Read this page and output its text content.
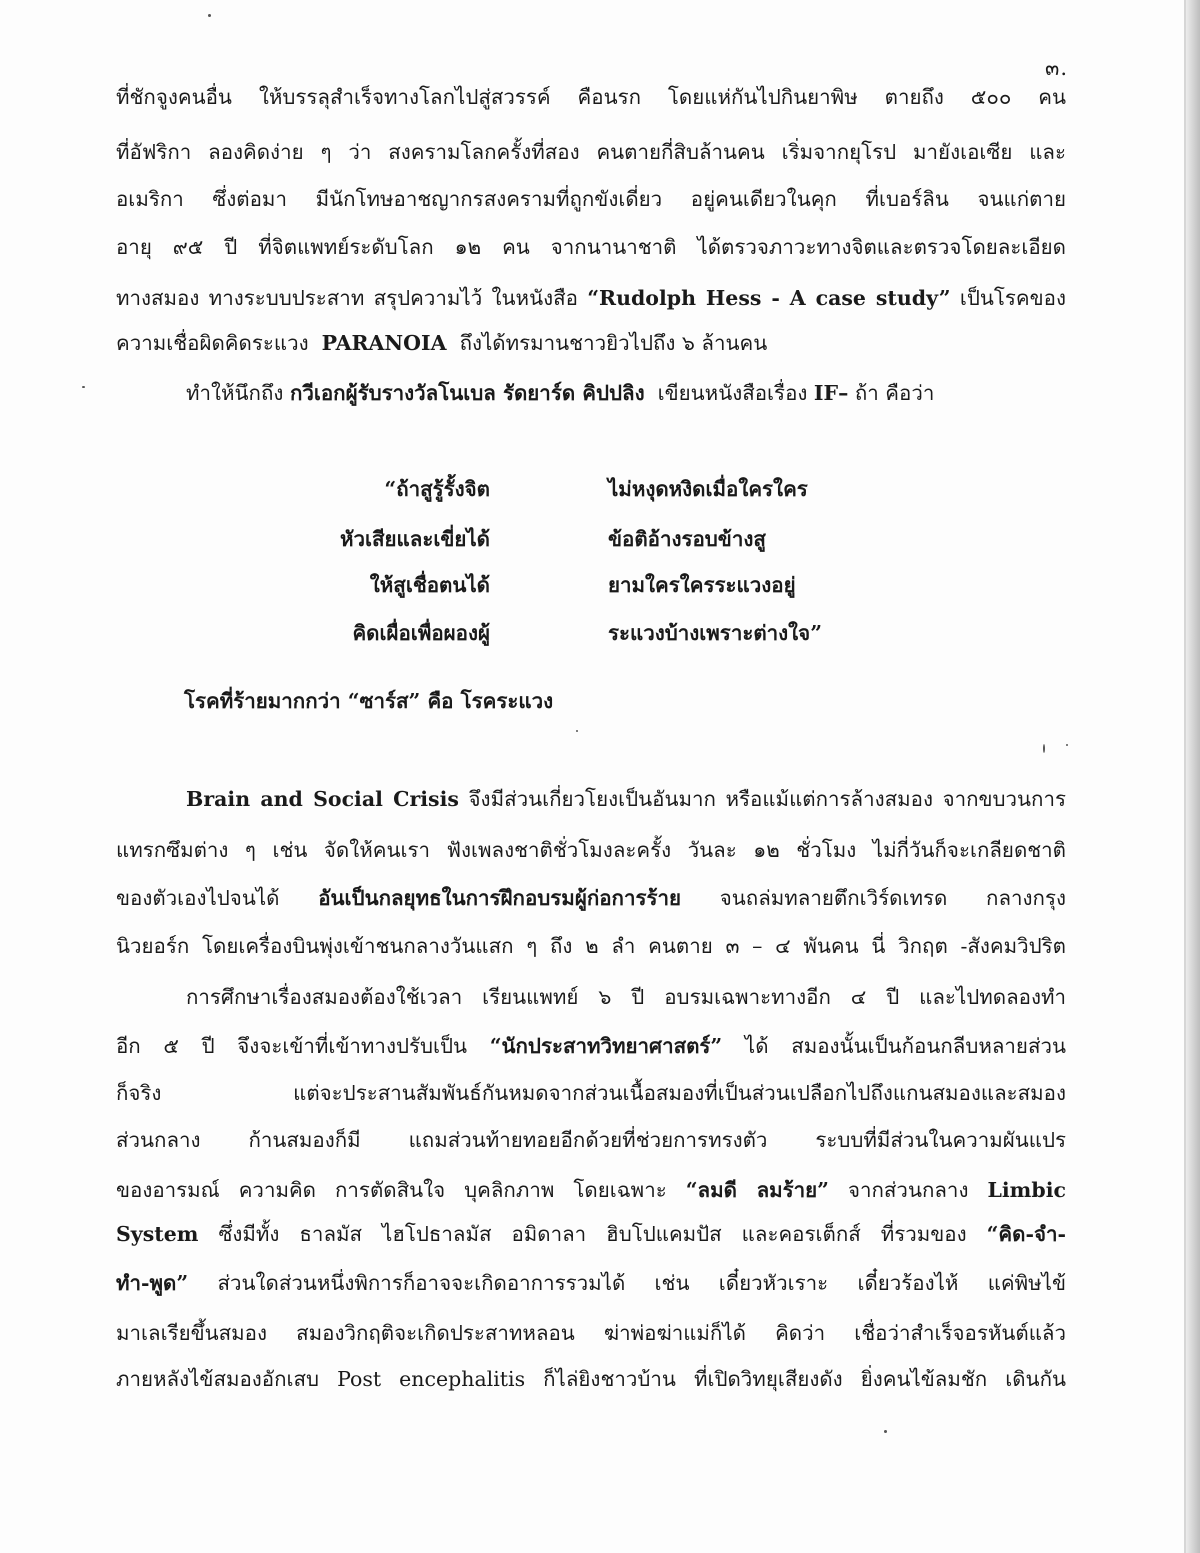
๓.
ที่ชักจูงคนอื่น ให้บรรลุสำเร็จทางโลกไปสู่สวรรค์ คือนรก โดยแห่กันไปกินยาพิษ ตายถึง ๕๐๐ คน
ที่อัฟริกา ลองคิดง่าย ๆ ว่า สงครามโลกครั้งที่สอง คนตายกี่สิบล้านคน เริ่มจากยุโรป มายังเอเซีย และ
อเมริกา ซึ่งต่อมา มีนักโทษอาชญากรสงครามที่ถูกขังเดี่ยว อยู่คนเดียวในคุก ที่เบอร์ลิน จนแก่ตาย
อายุ ๙๕ ปี ที่จิตแพทย์ระดับโลก ๑๒ คน จากนานาชาติ ได้ตรวจภาวะทางจิตและตรวจโดยละเอียด
ทางสมอง ทางระบบประสาท สรุปความไว้ ในหนังสือ “Rudolph Hess - A case study” เป็นโรคของ
ความเชื่อผิดคิดระแวง PARANOIA ถึงได้ทรมานชาวยิวไปถึง ๖ ล้านคน
ทำให้นึกถึง กวีเอกผู้รับรางวัลโนเบล รัดยาร์ด คิปปลิง เขียนหนังสือเรื่อง IF– ถ้า คือว่า
“ถ้าสูรู้รั้งจิต	ไม่หงุดหงิดเมื่อใครใคร
หัวเสียและเขี่ยได้	ข้อติอ้างรอบข้างสู
ให้สูเชื่อตนได้	ยามใครใครระแวงอยู่
คิดเผื่อเพื่อผองผู้	ระแวงบ้างเพราะต่างใจ”
โรคที่ร้ายมากกว่า “ซาร์ส” คือ โรคระแวง
Brain and Social Crisis จึงมีส่วนเกี่ยวโยงเป็นอันมาก หรือแม้แต่การล้างสมอง จากขบวนการ
แทรกซึมต่าง ๆ เช่น จัดให้คนเรา ฟังเพลงชาติชั่วโมงละครั้ง วันละ ๑๒ ชั่วโมง ไม่กี่วันก็จะเกลียดชาติ
ของตัวเองไปจนได้ อันเป็นกลยุทธในการฝึกอบรมผู้ก่อการร้าย จนถล่มทลายตึกเวิร์ดเทรด กลางกรุง
นิวยอร์ก โดยเครื่องบินพุ่งเข้าชนกลางวันแสก ๆ ถึง ๒ ลำ คนตาย ๓ – ๔ พันคน นี่ วิกฤต -สังคมวิปริต
การศึกษาเรื่องสมองต้องใช้เวลา เรียนแพทย์ ๖ ปี อบรมเฉพาะทางอีก ๔ ปี และไปทดลองทำ
อีก ๕ ปี จึงจะเข้าที่เข้าทางปรับเป็น “นักประสาทวิทยาศาสตร์” ได้ สมองนั้นเป็นก้อนกลีบหลายส่วน
ก็จริง แต่จะประสานสัมพันธ์กันหมดจากส่วนเนื้อสมองที่เป็นส่วนเปลือกไปถึงแกนสมองและสมอง
ส่วนกลาง ก้านสมองก็มี แถมส่วนท้ายทอยอีกด้วยที่ช่วยการทรงตัว ระบบที่มีส่วนในความผันแปร
ของอารมณ์ ความคิด การตัดสินใจ บุคลิกภาพ โดยเฉพาะ “ลมดี ลมร้าย” จากส่วนกลาง Limbic
System ซึ่งมีทั้ง ธาลมัส ไฮโปธาลมัส อมิดาลา ฮิบโปแคมปัส และคอรเต็กส์ ที่รวมของ “คิด-จำ-
ทำ-พูด” ส่วนใดส่วนหนึ่งพิการก็อาจจะเกิดอาการรวมได้ เช่น เดี๋ยวหัวเราะ เดี๋ยวร้องไห้ แค่พิษไข้
มาเลเรียขึ้นสมอง สมองวิกฤติจะเกิดประสาทหลอน ฆ่าพ่อฆ่าแม่ก็ได้ คิดว่า เชื่อว่าสำเร็จอรหันต์แล้ว
ภายหลังไข้สมองอักเสบ Post encephalitis ก็ไล่ยิงชาวบ้าน ที่เปิดวิทยุเสียงดัง ยิ่งคนไข้ลมชัก เดินกัน
